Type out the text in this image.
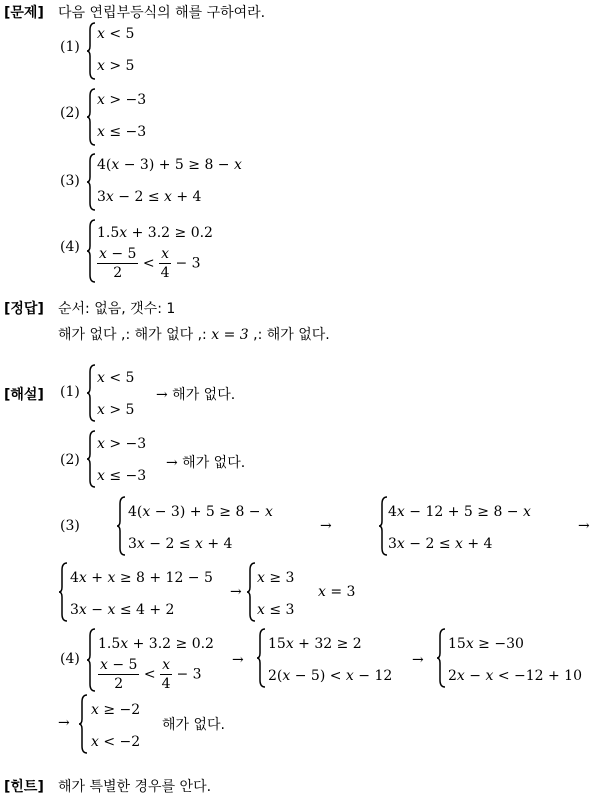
[문제] 다음 연립부등식의 해를 구하여라.
(1)
x < 5
x > 5
(2)
x > −3
x ≤ −3
(3)
4(x − 3) + 5 ≥ 8 − x
3x − 2 ≤ x + 4
(4)
1.5x + 3.2 ≥ 0.2
$\frac{x - 5}{2} < \frac{x}{4} - 3$
[정답] 순서: 없음, 갯수: 1
해가 없다 ,: 해가 없다 ,: x = 3 ,: 해가 없다.
[해설] (1)
x < 5
x > 5
→ 해가 없다.
(2)
x > −3
x ≤ −3
→ 해가 없다.
(3)
4(x − 3) + 5 ≥ 8 − x
3x − 2 ≤ x + 4
→
4x − 12 + 5 ≥ 8 − x
3x − 2 ≤ x + 4
→
4x + x ≥ 8 + 12 − 5
3x − x ≤ 4 + 2
→
x ≥ 3
x ≤ 3
x = 3
(4)
1.5x + 3.2 ≥ 0.2
$\frac{x - 5}{2} < \frac{x}{4} - 3$
→
15x + 32 ≥ 2
2(x − 5) < x − 12
→
15x ≥ −30
2x − x < −12 + 10
→
x ≥ −2
x < −2
해가 없다.
[힌트] 해가 특별한 경우를 안다.
